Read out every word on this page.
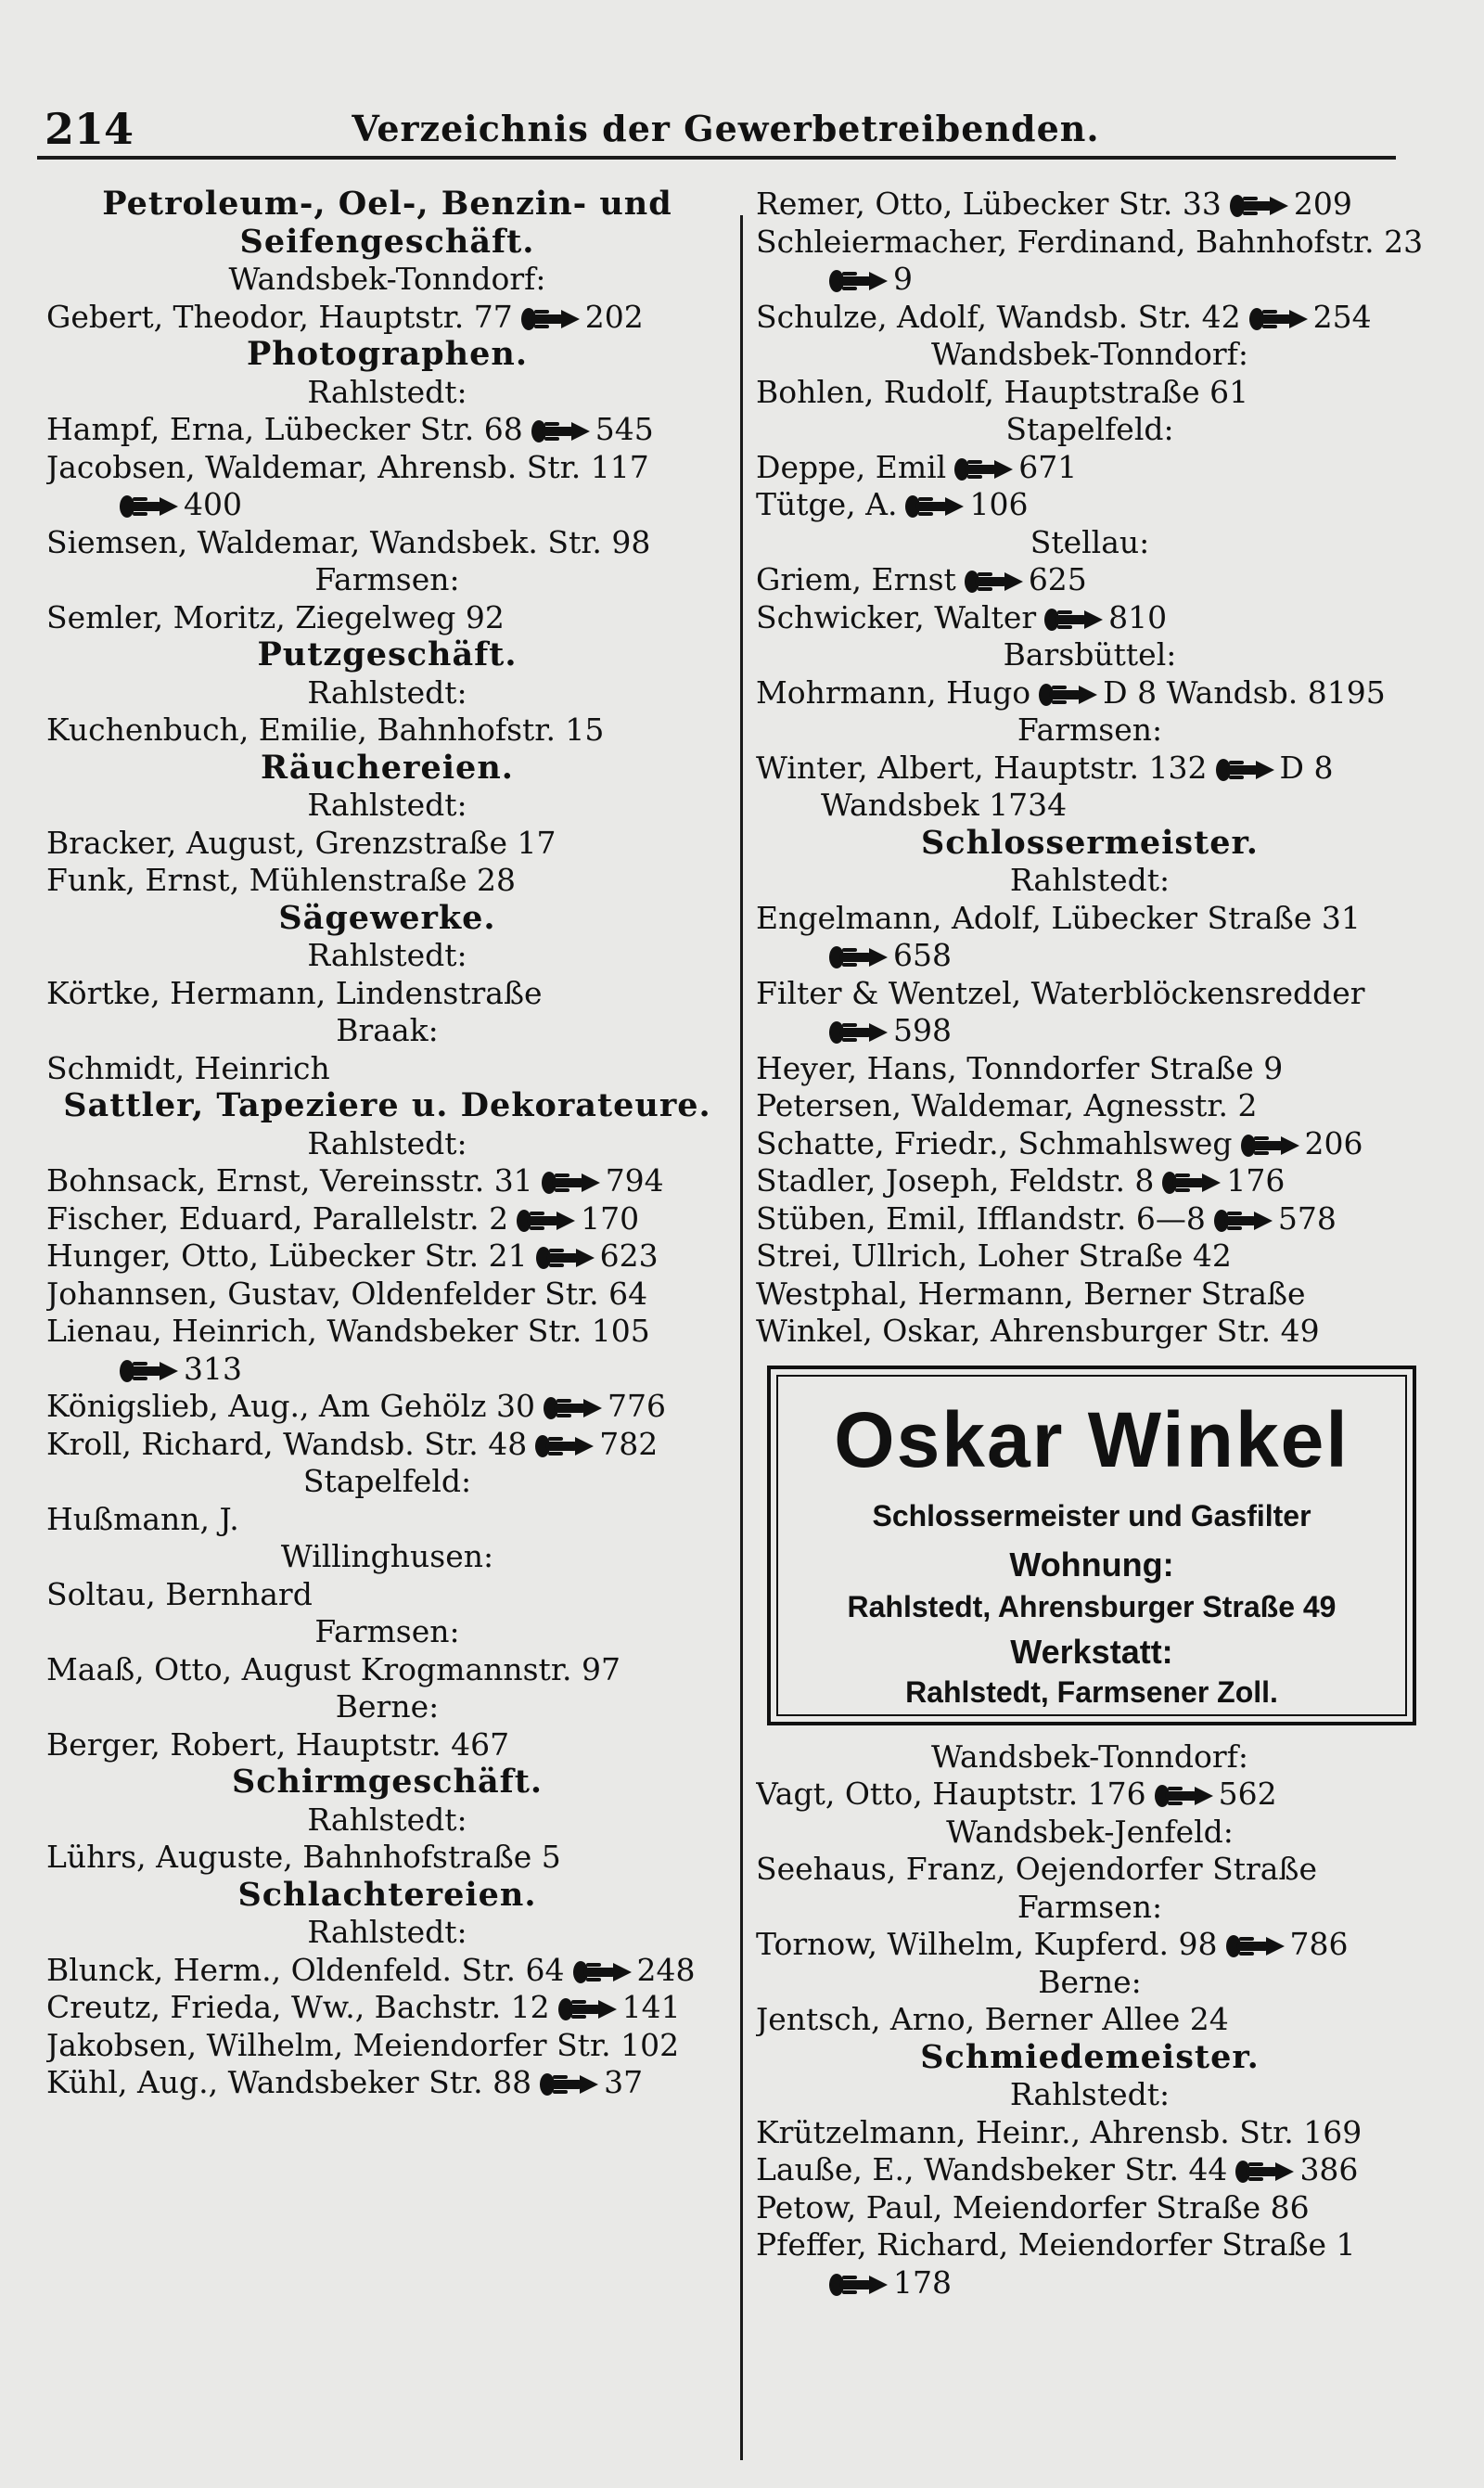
214	Verzeichnis der Gewerbetreibenden.
Petroleum-, Oel-, Benzin- und
Seifengeschäft.
Wandsbek-Tonndorf:
Gebert, Theodor, Hauptstr. 77 202
Photographen.
Rahlstedt:
Hampf, Erna, Lübecker Str. 68 545
Jacobsen, Waldemar, Ahrensb. Str. 117
400
Siemsen, Waldemar, Wandsbek. Str. 98
Farmsen:
Semler, Moritz, Ziegelweg 92
Putzgeschäft.
Rahlstedt:
Kuchenbuch, Emilie, Bahnhofstr. 15
Räuchereien.
Rahlstedt:
Bracker, August, Grenzstraße 17
Funk, Ernst, Mühlenstraße 28
Sägewerke.
Rahlstedt:
Körtke, Hermann, Lindenstraße
Braak:
Schmidt, Heinrich
Sattler, Tapeziere u. Dekorateure.
Rahlstedt:
Bohnsack, Ernst, Vereinsstr. 31 794
Fischer, Eduard, Parallelstr. 2 170
Hunger, Otto, Lübecker Str. 21 623
Johannsen, Gustav, Oldenfelder Str. 64
Lienau, Heinrich, Wandsbeker Str. 105
313
Königslieb, Aug., Am Gehölz 30 776
Kroll, Richard, Wandsb. Str. 48 782
Stapelfeld:
Hußmann, J.
Willinghusen:
Soltau, Bernhard
Farmsen:
Maaß, Otto, August Krogmannstr. 97
Berne:
Berger, Robert, Hauptstr. 467
Schirmgeschäft.
Rahlstedt:
Lührs, Auguste, Bahnhofstraße 5
Schlachtereien.
Rahlstedt:
Blunck, Herm., Oldenfeld. Str. 64 248
Creutz, Frieda, Ww., Bachstr. 12 141
Jakobsen, Wilhelm, Meiendorfer Str. 102
Kühl, Aug., Wandsbeker Str. 88 37
Remer, Otto, Lübecker Str. 33 209
Schleiermacher, Ferdinand, Bahnhofstr. 23
9
Schulze, Adolf, Wandsb. Str. 42 254
Wandsbek-Tonndorf:
Bohlen, Rudolf, Hauptstraße 61
Stapelfeld:
Deppe, Emil 671
Tütge, A. 106
Stellau:
Griem, Ernst 625
Schwicker, Walter 810
Barsbüttel:
Mohrmann, Hugo D 8 Wandsb. 8195
Farmsen:
Winter, Albert, Hauptstr. 132 D 8
Wandsbek 1734
Schlossermeister.
Rahlstedt:
Engelmann, Adolf, Lübecker Straße 31
658
Filter & Wentzel, Waterblöckensredder
598
Heyer, Hans, Tonndorfer Straße 9
Petersen, Waldemar, Agnesstr. 2
Schatte, Friedr., Schmahlsweg 206
Stadler, Joseph, Feldstr. 8 176
Stüben, Emil, Ifflandstr. 6—8 578
Strei, Ullrich, Loher Straße 42
Westphal, Hermann, Berner Straße
Winkel, Oskar, Ahrensburger Str. 49
Oskar Winkel
Schlossermeister und Gasfilter
Wohnung:
Rahlstedt, Ahrensburger Straße 49
Werkstatt:
Rahlstedt, Farmsener Zoll.
Wandsbek-Tonndorf:
Vagt, Otto, Hauptstr. 176 562
Wandsbek-Jenfeld:
Seehaus, Franz, Oejendorfer Straße
Farmsen:
Tornow, Wilhelm, Kupferd. 98 786
Berne:
Jentsch, Arno, Berner Allee 24
Schmiedemeister.
Rahlstedt:
Krützelmann, Heinr., Ahrensb. Str. 169
Lauße, E., Wandsbeker Str. 44 386
Petow, Paul, Meiendorfer Straße 86
Pfeffer, Richard, Meiendorfer Straße 1
178
